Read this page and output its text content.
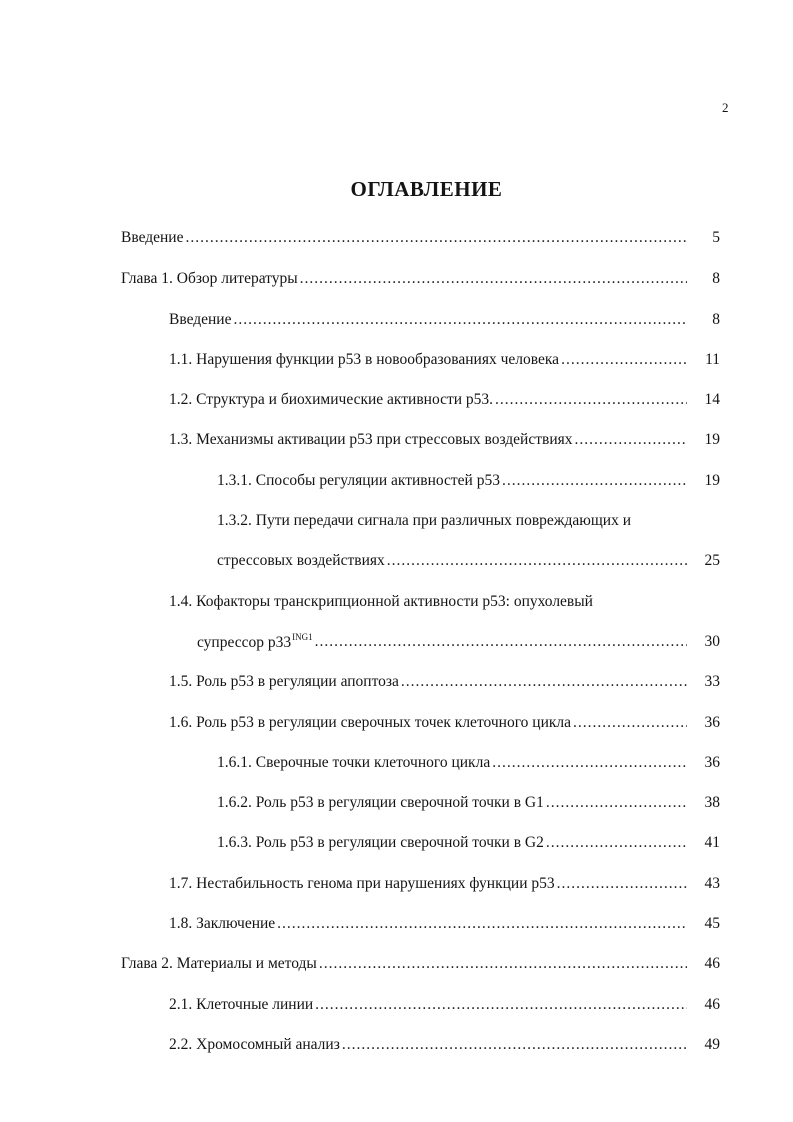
2
ОГЛАВЛЕНИЕ
Введение .....	5
Глава 1. Обзор литературы .....	8
Введение .....	8
1.1. Нарушения функции p53 в новообразованиях человека .....	11
1.2. Структура и биохимические активности p53. .....	14
1.3. Механизмы активации p53 при стрессовых воздействиях .....	19
1.3.1. Способы регуляции активностей p53 .....	19
1.3.2. Пути передачи сигнала при различных повреждающих и
стрессовых воздействиях .....	25
1.4. Кофакторы транскрипционной активности p53: опухолевый
супрессор $p33^{ING1}$ .....	30
1.5. Роль p53 в регуляции апоптоза .....	33
1.6. Роль p53 в регуляции сверочных точек клеточного цикла .....	36
1.6.1. Сверочные точки клеточного цикла .....	36
1.6.2. Роль p53 в регуляции сверочной точки в G1 .....	38
1.6.3. Роль p53 в регуляции сверочной точки в G2 .....	41
1.7. Нестабильность генома при нарушениях функции p53 .....	43
1.8. Заключение .....	45
Глава 2. Материалы и методы .....	46
2.1. Клеточные линии .....	46
2.2. Хромосомный анализ .....	49
